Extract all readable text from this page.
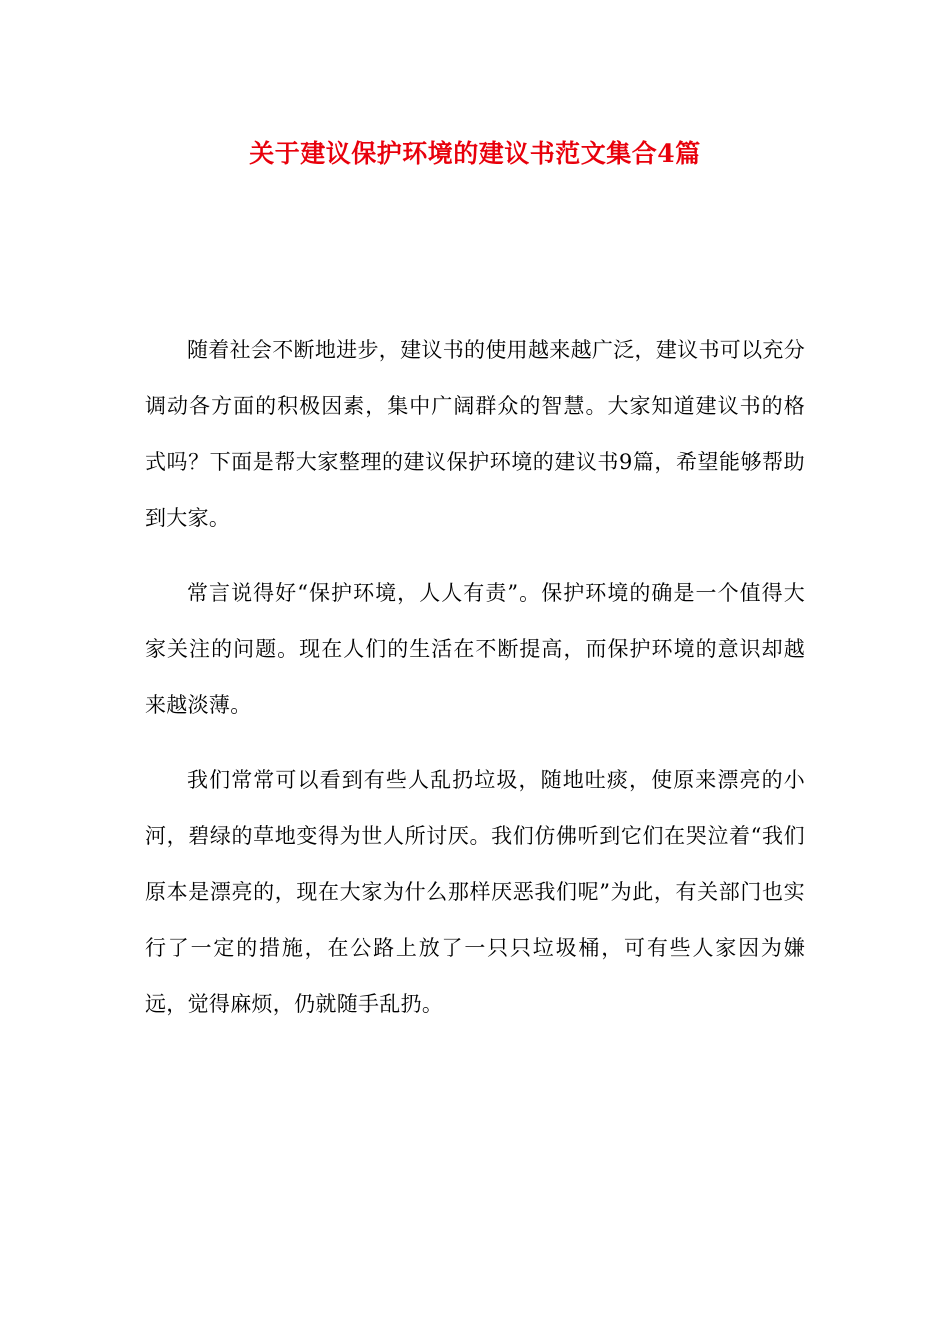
关于建议保护环境的建议书范文集合4篇

随着社会不断地进步，建议书的使用越来越广泛，建议书可以充分调动各方面的积极因素，集中广阔群众的智慧。大家知道建议书的格式吗？下面是帮大家整理的建议保护环境的建议书9篇，希望能够帮助到大家。

常言说得好“保护环境，人人有责”。保护环境的确是一个值得大家关注的问题。现在人们的生活在不断提高，而保护环境的意识却越来越淡薄。

我们常常可以看到有些人乱扔垃圾，随地吐痰，使原来漂亮的小河，碧绿的草地变得为世人所讨厌。我们仿佛听到它们在哭泣着“我们原本是漂亮的，现在大家为什么那样厌恶我们呢”为此，有关部门也实行了一定的措施，在公路上放了一只只垃圾桶，可有些人家因为嫌远，觉得麻烦，仍就随手乱扔。
